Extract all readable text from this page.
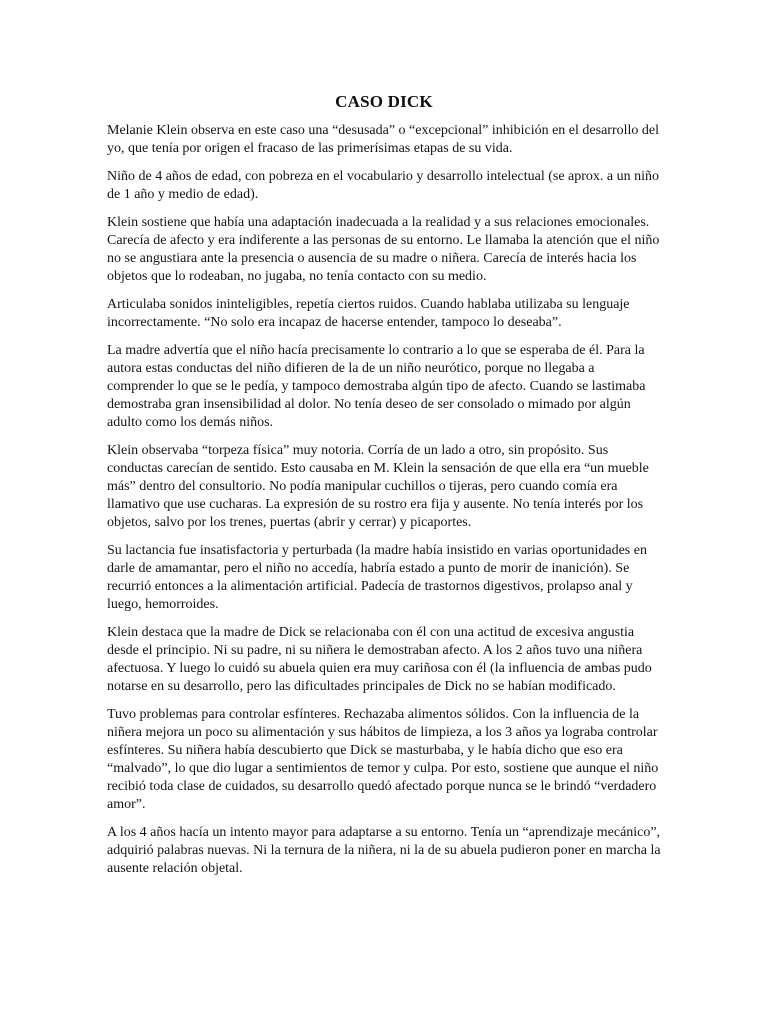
CASO DICK

Melanie Klein observa en este caso una “desusada” o “excepcional” inhibición en el desarrollo del yo, que tenía por origen el fracaso de las primerísimas etapas de su vida.

Niño de 4 años de edad, con pobreza en el vocabulario y desarrollo intelectual (se aprox. a un niño de 1 año y medio de edad).

Klein sostiene que había una adaptación inadecuada a la realidad y a sus relaciones emocionales. Carecía de afecto y era indiferente a las personas de su entorno. Le llamaba la atención que el niño no se angustiara ante la presencia o ausencia de su madre o niñera. Carecía de interés hacia los objetos que lo rodeaban, no jugaba, no tenía contacto con su medio.

Articulaba sonidos ininteligibles, repetía ciertos ruidos. Cuando hablaba utilizaba su lenguaje incorrectamente. “No solo era incapaz de hacerse entender, tampoco lo deseaba”.

La madre advertía que el niño hacía precisamente lo contrario a lo que se esperaba de él. Para la autora estas conductas del niño difieren de la de un niño neurótico, porque no llegaba a comprender lo que se le pedía, y tampoco demostraba algún tipo de afecto. Cuando se lastimaba demostraba gran insensibilidad al dolor. No tenía deseo de ser consolado o mimado por algún adulto como los demás niños.

Klein observaba “torpeza física” muy notoria. Corría de un lado a otro, sin propósito. Sus conductas carecían de sentido. Esto causaba en M. Klein la sensación de que ella era “un mueble más” dentro del consultorio. No podía manipular cuchillos o tijeras, pero cuando comía era llamativo que use cucharas. La expresión de su rostro era fija y ausente. No tenía interés por los objetos, salvo por los trenes, puertas (abrir y cerrar) y picaportes.

Su lactancia fue insatisfactoria y perturbada (la madre había insistido en varias oportunidades en darle de amamantar, pero el niño no accedía, habría estado a punto de morir de inanición). Se recurrió entonces a la alimentación artificial. Padecía de trastornos digestivos, prolapso anal y luego, hemorroides.

Klein destaca que la madre de Dick se relacionaba con él con una actitud de excesiva angustia desde el principio. Ni su padre, ni su niñera le demostraban afecto. A los 2 años tuvo una niñera afectuosa. Y luego lo cuidó su abuela quien era muy cariñosa con él (la influencia de ambas pudo notarse en su desarrollo, pero las dificultades principales de Dick no se habían modificado.

Tuvo problemas para controlar esfínteres. Rechazaba alimentos sólidos. Con la influencia de la niñera mejora un poco su alimentación y sus hábitos de limpieza, a los 3 años ya lograba controlar esfínteres. Su niñera había descubierto que Dick se masturbaba, y le había dicho que eso era “malvado”, lo que dio lugar a sentimientos de temor y culpa. Por esto, sostiene que aunque el niño recibió toda clase de cuidados, su desarrollo quedó afectado porque nunca se le brindó “verdadero amor”.

A los 4 años hacía un intento mayor para adaptarse a su entorno. Tenía un “aprendizaje mecánico”, adquirió palabras nuevas. Ni la ternura de la niñera, ni la de su abuela pudieron poner en marcha la ausente relación objetal.
